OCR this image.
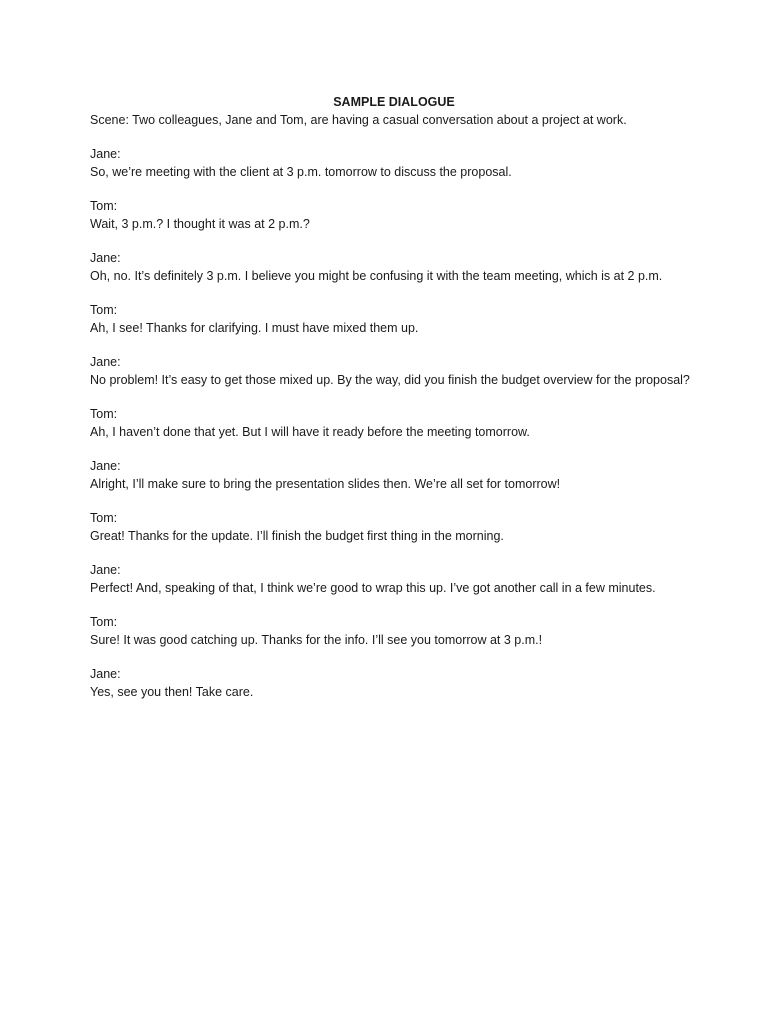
SAMPLE DIALOGUE

Scene: Two colleagues, Jane and Tom, are having a casual conversation about a project at work.

Jane:
So, we’re meeting with the client at 3 p.m. tomorrow to discuss the proposal.
Tom:
Wait, 3 p.m.? I thought it was at 2 p.m.?
Jane:
Oh, no. It’s definitely 3 p.m. I believe you might be confusing it with the team meeting, which is at 2 p.m.
Tom:
Ah, I see! Thanks for clarifying. I must have mixed them up.
Jane:
No problem! It’s easy to get those mixed up. By the way, did you finish the budget overview for the proposal?
Tom:
Ah, I haven’t done that yet. But I will have it ready before the meeting tomorrow.
Jane:
Alright, I’ll make sure to bring the presentation slides then. We’re all set for tomorrow!
Tom:
Great! Thanks for the update. I’ll finish the budget first thing in the morning.
Jane:
Perfect! And, speaking of that, I think we’re good to wrap this up. I’ve got another call in a few minutes.
Tom:
Sure! It was good catching up. Thanks for the info. I’ll see you tomorrow at 3 p.m.!
Jane:
Yes, see you then! Take care.
